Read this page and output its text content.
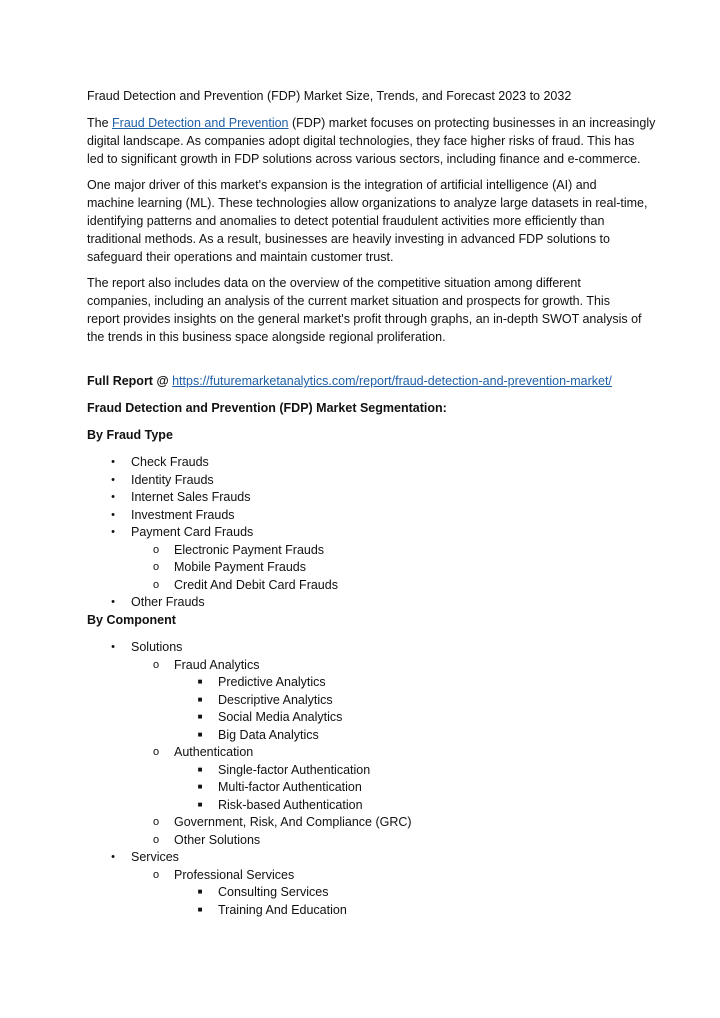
Fraud Detection and Prevention (FDP) Market Size, Trends, and Forecast 2023 to 2032
The Fraud Detection and Prevention (FDP) market focuses on protecting businesses in an increasingly
digital landscape. As companies adopt digital technologies, they face higher risks of fraud. This has
led to significant growth in FDP solutions across various sectors, including finance and e-commerce.
One major driver of this market's expansion is the integration of artificial intelligence (AI) and
machine learning (ML). These technologies allow organizations to analyze large datasets in real-time,
identifying patterns and anomalies to detect potential fraudulent activities more efficiently than
traditional methods. As a result, businesses are heavily investing in advanced FDP solutions to
safeguard their operations and maintain customer trust.
The report also includes data on the overview of the competitive situation among different
companies, including an analysis of the current market situation and prospects for growth. This
report provides insights on the general market's profit through graphs, an in-depth SWOT analysis of
the trends in this business space alongside regional proliferation.
Full Report @ https://futuremarketanalytics.com/report/fraud-detection-and-prevention-market/
Fraud Detection and Prevention (FDP) Market Segmentation:
By Fraud Type
• Check Frauds
• Identity Frauds
• Internet Sales Frauds
• Investment Frauds
• Payment Card Frauds
o Electronic Payment Frauds
o Mobile Payment Frauds
o Credit And Debit Card Frauds
• Other Frauds
By Component
• Solutions
o Fraud Analytics
■ Predictive Analytics
■ Descriptive Analytics
■ Social Media Analytics
■ Big Data Analytics
o Authentication
■ Single-factor Authentication
■ Multi-factor Authentication
■ Risk-based Authentication
o Government, Risk, And Compliance (GRC)
o Other Solutions
• Services
o Professional Services
■ Consulting Services
■ Training And Education
